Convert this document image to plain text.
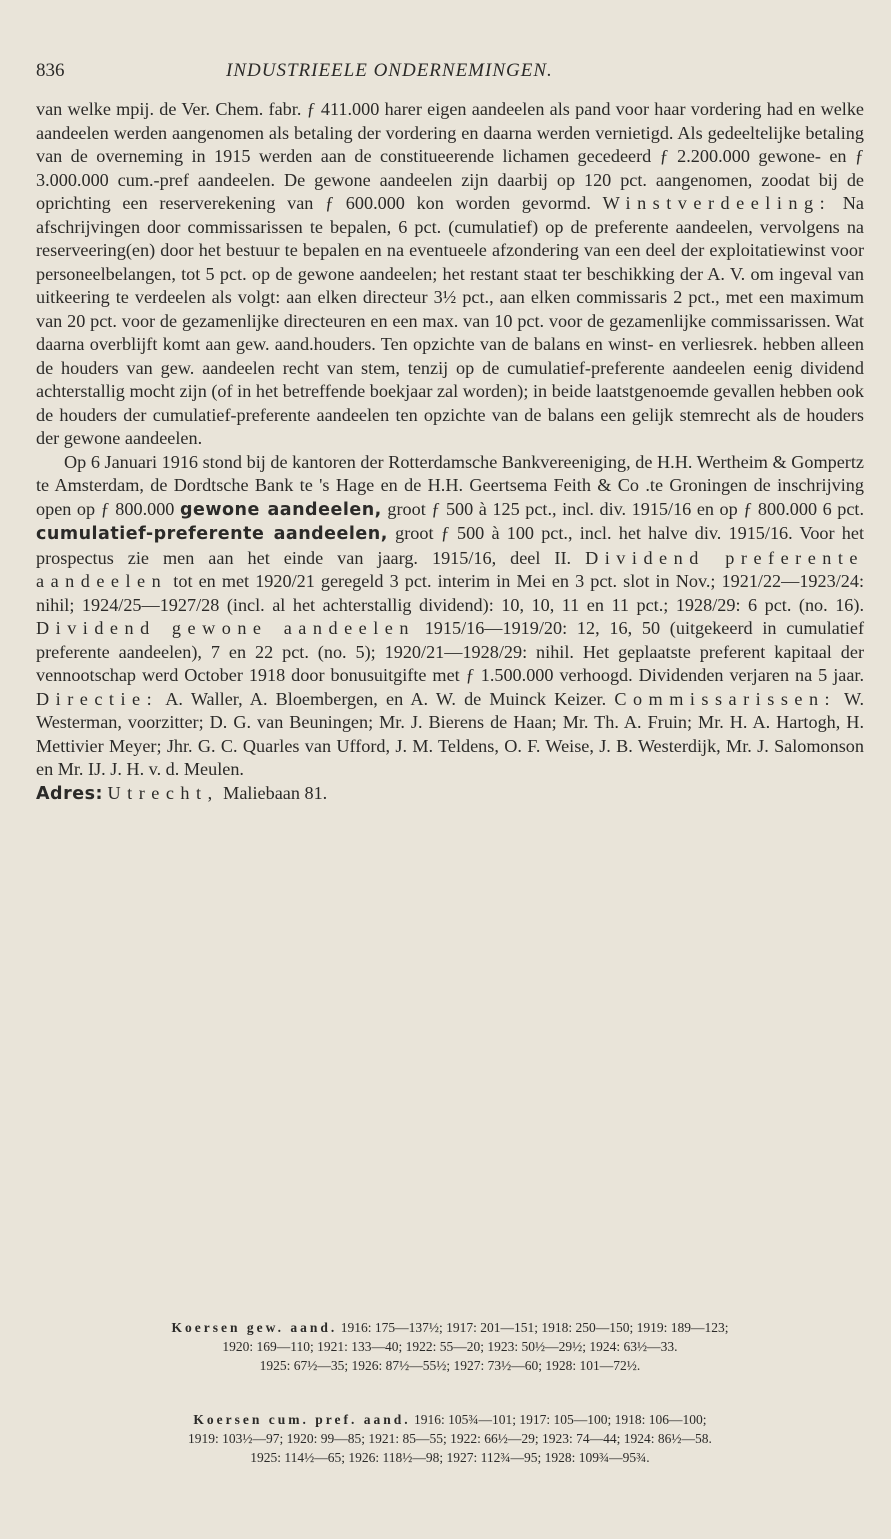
836	INDUSTRIEELE ONDERNEMINGEN.

van welke mpij. de Ver. Chem. fabr. ƒ 411.000 harer eigen aandeelen als pand voor haar vordering had en welke aandeelen werden aangenomen als betaling der vordering en daarna werden vernietigd. Als gedeeltelijke betaling van de overneming in 1915 werden aan de constitueerende lichamen gecedeerd ƒ 2.200.000 gewone- en ƒ 3.000.000 cum.-pref aandeelen. De gewone aandeelen zijn daarbij op 120 pct. aangenomen, zoodat bij de oprichting een reserverekening van ƒ 600.000 kon worden gevormd. Winstverdeeling: Na afschrijvingen door commissarissen te bepalen, 6 pct. (cumulatief) op de preferente aandeelen, vervolgens na reserveering(en) door het bestuur te bepalen en na eventueele afzondering van een deel der exploitatiewinst voor personeelbelangen, tot 5 pct. op de gewone aandeelen; het restant staat ter beschikking der A. V. om ingeval van uitkeering te verdeelen als volgt: aan elken directeur 3½ pct., aan elken commissaris 2 pct., met een maximum van 20 pct. voor de gezamenlijke directeuren en een max. van 10 pct. voor de gezamenlijke commissarissen. Wat daarna overblijft komt aan gew. aand.houders. Ten opzichte van de balans en winst- en verliesrek. hebben alleen de houders van gew. aandeelen recht van stem, tenzij op de cumulatief-preferente aandeelen eenig dividend achterstallig mocht zijn (of in het betreffende boekjaar zal worden); in beide laatstgenoemde gevallen hebben ook de houders der cumulatief-preferente aandeelen ten opzichte van de balans een gelijk stemrecht als de houders der gewone aandeelen.

Op 6 Januari 1916 stond bij de kantoren der Rotterdamsche Bankvereeniging, de H.H. Wertheim & Gompertz te Amsterdam, de Dordtsche Bank te 's Hage en de H.H. Geertsema Feith & Co .te Groningen de inschrijving open op ƒ 800.000 gewone aandeelen, groot ƒ 500 à 125 pct., incl. div. 1915/16 en op ƒ 800.000 6 pct. cumulatief-preferente aandeelen, groot ƒ 500 à 100 pct., incl. het halve div. 1915/16. Voor het prospectus zie men aan het einde van jaarg. 1915/16, deel II. Dividend preferente aandeelen tot en met 1920/21 geregeld 3 pct. interim in Mei en 3 pct. slot in Nov.; 1921/22—1923/24: nihil; 1924/25—1927/28 (incl. al het achterstallig dividend): 10, 10, 11 en 11 pct.; 1928/29: 6 pct. (no. 16). Dividend gewone aandeelen 1915/16—1919/20: 12, 16, 50 (uitgekeerd in cumulatief preferente aandeelen), 7 en 22 pct. (no. 5); 1920/21—1928/29: nihil. Het geplaatste preferent kapitaal der vennootschap werd October 1918 door bonusuitgifte met ƒ 1.500.000 verhoogd. Dividenden verjaren na 5 jaar. Directie: A. Waller, A. Bloembergen, en A. W. de Muinck Keizer. Commissarissen: W. Westerman, voorzitter; D. G. van Beuningen; Mr. J. Bierens de Haan; Mr. Th. A. Fruin; Mr. H. A. Hartogh, H. Mettivier Meyer; Jhr. G. C. Quarles van Ufford, J. M. Teldens, O. F. Weise, J. B. Westerdijk, Mr. J. Salomonson en Mr. IJ. J. H. v. d. Meulen.
Adres: Utrecht, Maliebaan 81.

Koersen gew. aand. 1916: 175—137½; 1917: 201—151; 1918: 250—150; 1919: 189—123;
1920: 169—110; 1921: 133—40; 1922: 55—20; 1923: 50½—29½; 1924: 63½—33.
1925: 67½—35; 1926: 87½—55½; 1927: 73½—60; 1928: 101—72½.
Koersen cum. pref. aand. 1916: 105¾—101; 1917: 105—100; 1918: 106—100;
1919: 103½—97; 1920: 99—85; 1921: 85—55; 1922: 66½—29; 1923: 74—44; 1924: 86½—58.
1925: 114½—65; 1926: 118½—98; 1927: 112¾—95; 1928: 109¾—95¾.
